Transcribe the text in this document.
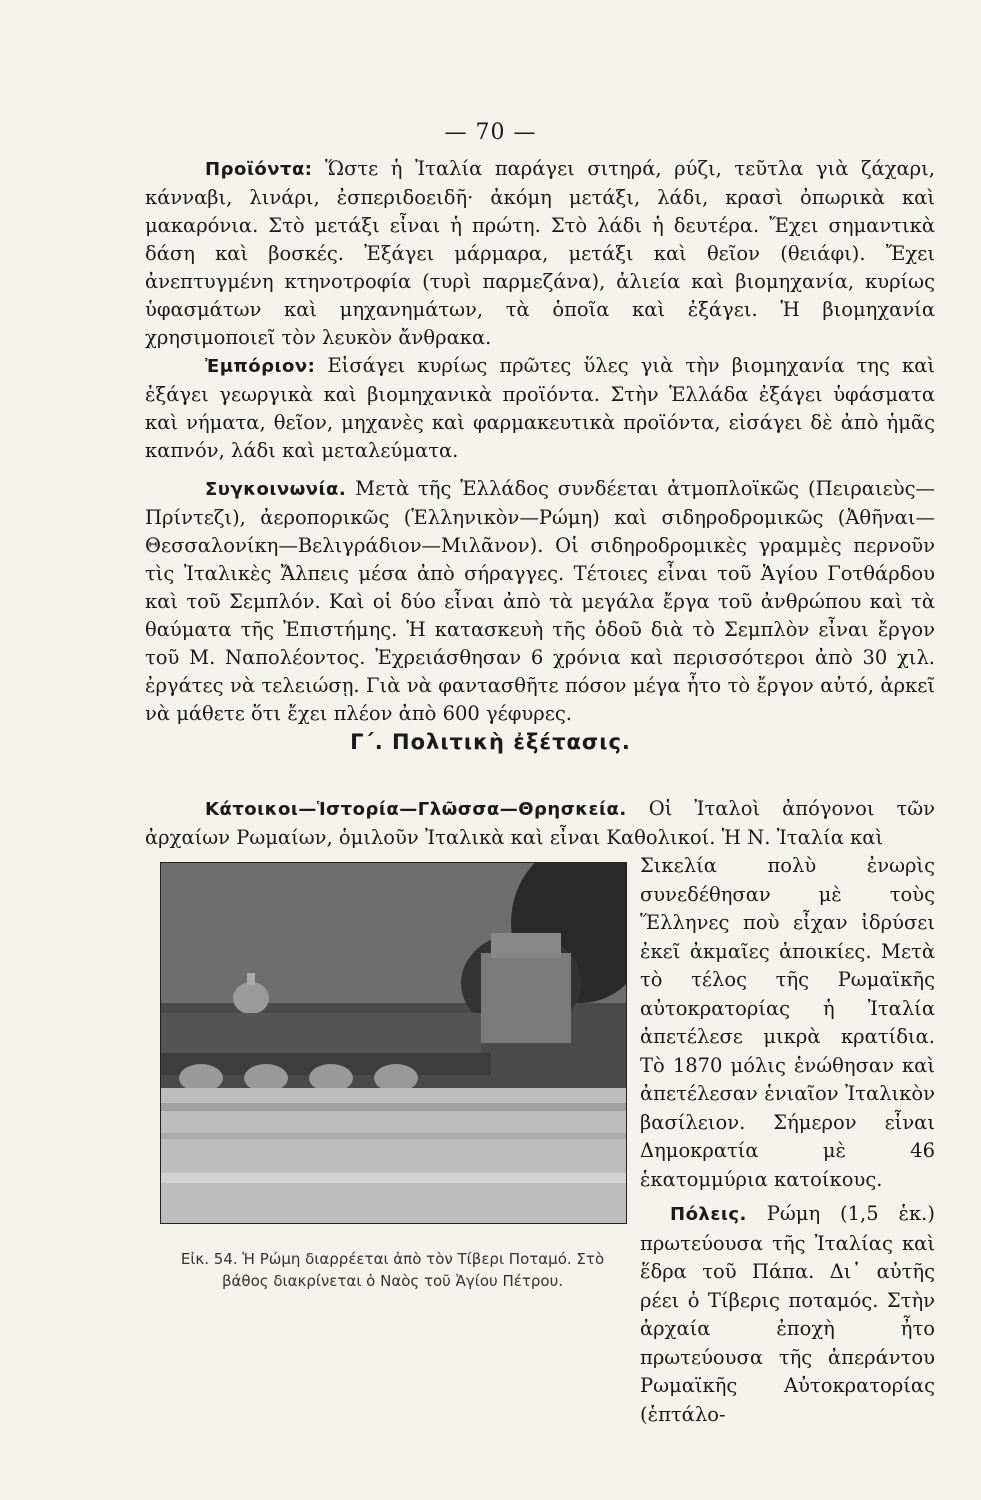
— 70 —

Προϊόντα: Ὥστε ἡ Ἰταλία παράγει σιτηρά, ρύζι, τεῦτλα γιὰ ζάχαρι, κάνναβι, λινάρι, ἐσπεριδοειδῆ· ἀκόμη μετάξι, λάδι, κρασὶ ὀπωρικὰ καὶ μακαρόνια. Στὸ μετάξι εἶναι ἡ πρώτη. Στὸ λάδι ἡ δευτέρα. Ἔχει σημαντικὰ δάση καὶ βοσκές. Ἐξάγει μάρμαρα, μετάξι καὶ θεῖον (θειάφι). Ἔχει ἀνεπτυγμένη κτηνοτροφία (τυρὶ παρμεζάνα), ἁλιεία καὶ βιομηχανία, κυρίως ὑφασμάτων καὶ μηχανημάτων, τὰ ὁποῖα καὶ ἐξάγει. Ἡ βιομηχανία χρησιμοποιεῖ τὸν λευκὸν ἄνθρακα.

Ἐμπόριον: Εἰσάγει κυρίως πρῶτες ὕλες γιὰ τὴν βιομηχανία της καὶ ἐξάγει γεωργικὰ καὶ βιομηχανικὰ προϊόντα. Στὴν Ἑλλάδα ἐξάγει ὑφάσματα καὶ νήματα, θεῖον, μηχανὲς καὶ φαρμακευτικὰ προϊόντα, εἰσάγει δὲ ἀπὸ ἡμᾶς καπνόν, λάδι καὶ μεταλεύματα.

Συγκοινωνία. Μετὰ τῆς Ἑλλάδος συνδέεται ἀτμοπλοϊκῶς (Πειραιεὺς—Πρίντεζι), ἀεροπορικῶς (Ἑλληνικὸν—Ρώμη) καὶ σιδηροδρομικῶς (Ἀθῆναι—Θεσσαλονίκη—Βελιγράδιον—Μιλᾶνον). Οἱ σιδηροδρομικὲς γραμμὲς περνοῦν τὶς Ἰταλικὲς Ἄλπεις μέσα ἀπὸ σήραγγες. Τέτοιες εἶναι τοῦ Ἁγίου Γοτθάρδου καὶ τοῦ Σεμπλόν. Καὶ οἱ δύο εἶναι ἀπὸ τὰ μεγάλα ἔργα τοῦ ἀνθρώπου καὶ τὰ θαύματα τῆς Ἐπιστήμης. Ἡ κατασκευὴ τῆς ὁδοῦ διὰ τὸ Σεμπλὸν εἶναι ἔργον τοῦ Μ. Ναπολέοντος. Ἐχρειάσθησαν 6 χρόνια καὶ περισσότεροι ἀπὸ 30 χιλ. ἐργάτες νὰ τελειώσῃ. Γιὰ νὰ φαντασθῆτε πόσον μέγα ἦτο τὸ ἔργον αὐτό, ἀρκεῖ νὰ μάθετε ὅτι ἔχει πλέον ἀπὸ 600 γέφυρες.

Γ΄. Πολιτικὴ ἐξέτασις.

Κάτοικοι—Ἱστορία—Γλῶσσα—Θρησκεία. Οἱ Ἰταλοὶ ἀπόγονοι τῶν ἀρχαίων Ρωμαίων, ὁμιλοῦν Ἰταλικὰ καὶ εἶναι Καθολικοί. Ἡ Ν. Ἰταλία καὶ

Εἰκ. 54. Ἡ Ρώμη διαρρέεται ἀπὸ τὸν Τίβερι Ποταμό. Στὸ βάθος διακρίνεται ὁ Ναὸς τοῦ Ἁγίου Πέτρου.

Σικελία πολὺ ἐνωρὶς συνεδέθησαν μὲ τοὺς Ἕλληνες ποὺ εἶχαν ἱδρύσει ἐκεῖ ἀκμαῖες ἀποικίες. Μετὰ τὸ τέλος τῆς Ρωμαϊκῆς αὐτοκρατορίας ἡ Ἰταλία ἀπετέλεσε μικρὰ κρατίδια. Τὸ 1870 μόλις ἑνώθησαν καὶ ἀπετέλεσαν ἑνιαῖον Ἰταλικὸν βασίλειον. Σήμερον εἶναι Δημοκρατία μὲ 46 ἑκατομμύρια κατοίκους.

Πόλεις. Ρώμη (1,5 ἑκ.) πρωτεύουσα τῆς Ἰταλίας καὶ ἕδρα τοῦ Πάπα. Δι᾽ αὐτῆς ρέει ὁ Τίβερις ποταμός. Στὴν ἀρχαία ἐποχὴ ἦτο πρωτεύουσα τῆς ἀπεράντου Ρωμαϊκῆς Αὐτοκρατορίας (ἑπτάλο-
